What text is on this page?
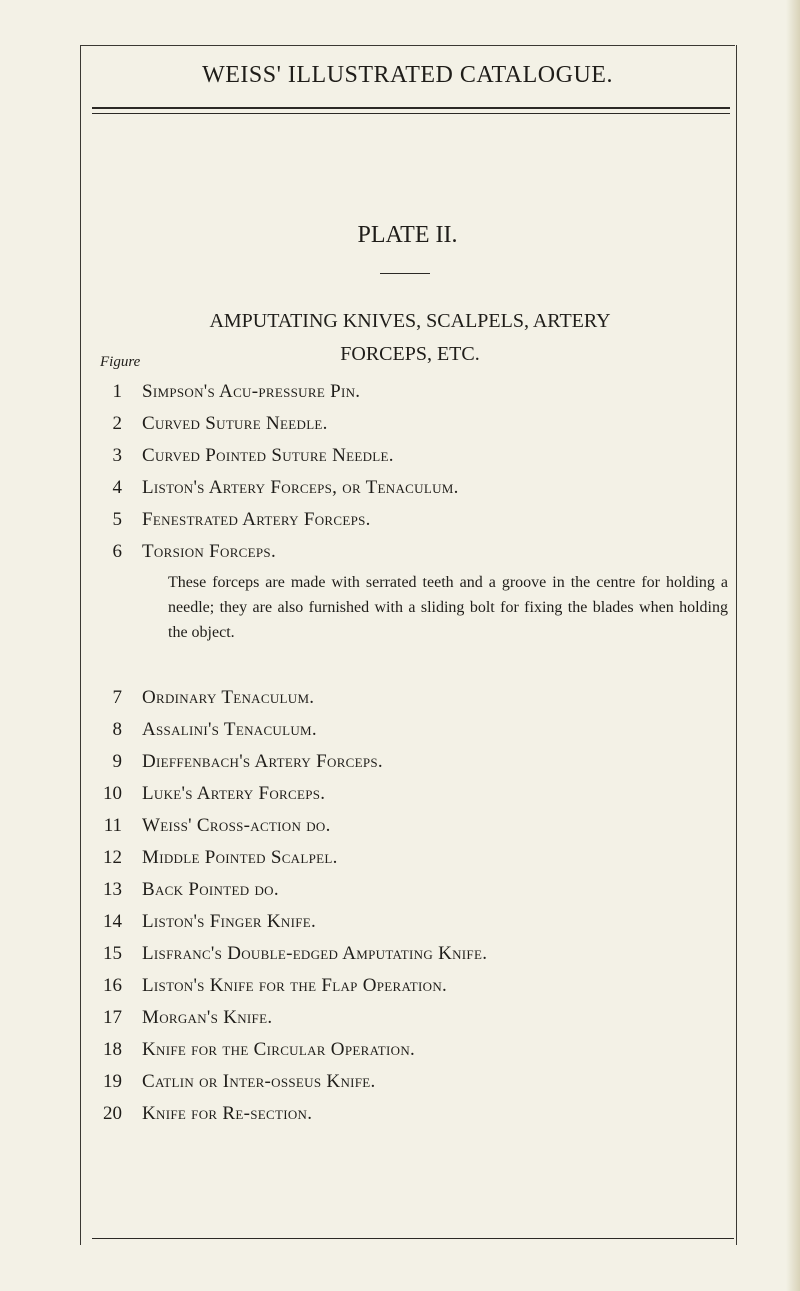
WEISS' ILLUSTRATED CATALOGUE.
PLATE II.
AMPUTATING KNIVES, SCALPELS, ARTERY
FORCEPS, ETC.
Figure
1 Simpson's Acu-pressure Pin.
2 Curved Suture Needle.
3 Curved Pointed Suture Needle.
4 Liston's Artery Forceps, or Tenaculum.
5 Fenestrated Artery Forceps.
6 Torsion Forceps.
These forceps are made with serrated teeth and a groove in the centre for holding a needle; they are also furnished with a sliding bolt for fixing the blades when holding the object.
7 Ordinary Tenaculum.
8 Assalini's Tenaculum.
9 Dieffenbach's Artery Forceps.
10 Luke's Artery Forceps.
11 Weiss' Cross-action do.
12 Middle Pointed Scalpel.
13 Back Pointed do.
14 Liston's Finger Knife.
15 Lisfranc's Double-edged Amputating Knife.
16 Liston's Knife for the Flap Operation.
17 Morgan's Knife.
18 Knife for the Circular Operation.
19 Catlin or Inter-osseus Knife.
20 Knife for Re-section.
